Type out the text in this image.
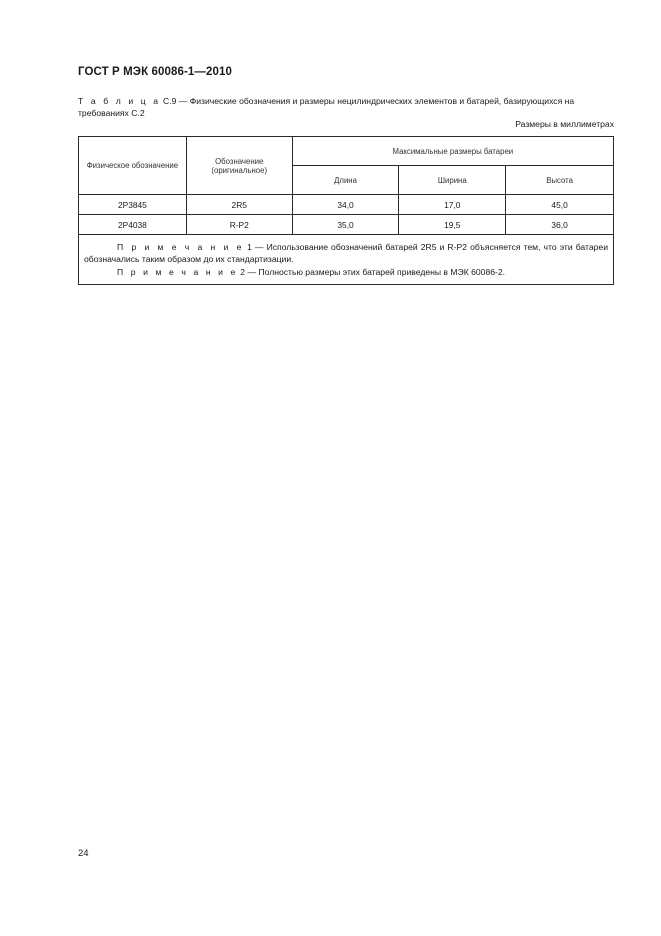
ГОСТ Р МЭК 60086-1—2010
Т а б л и ц а С.9 — Физические обозначения и размеры нецилиндрических элементов и батарей, базирующихся на требованиях С.2
Размеры в миллиметрах
Физическое обозначение	Обозначение (оригинальное)	Максимальные размеры батареи		
		Длина	Ширина	Высота
2P3845	2R5	34,0	17,0	45,0
2P4038	R-P2	35,0	19,5	36,0

П р и м е ч а н и е 1 — Использование обозначений батарей 2R5 и R-P2 объясняется тем, что эти батареи обозначались таким образом до их стандартизации.
П р и м е ч а н и е 2 — Полностью размеры этих батарей приведены в МЭК 60086-2.				
24
